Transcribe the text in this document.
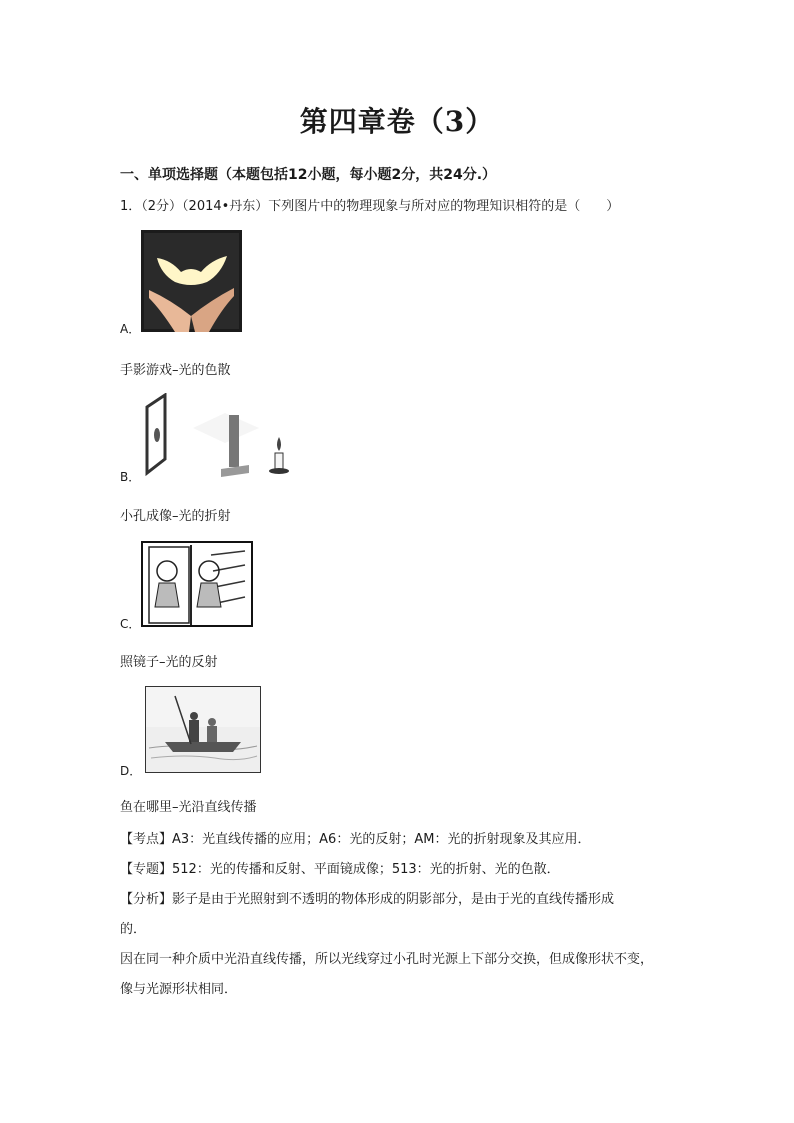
第四章卷（3）
一、单项选择题（本题包括12小题，每小题2分，共24分.）
1．（2分）（2014•丹东）下列图片中的物理现象与所对应的物理知识相符的是（　　）
A．
手影游戏–光的色散
B．
小孔成像–光的折射
C．
照镜子–光的反射
D．
鱼在哪里–光沿直线传播
【考点】A3：光直线传播的应用；A6：光的反射；AM：光的折射现象及其应用．
【专题】512：光的传播和反射、平面镜成像；513：光的折射、光的色散．
【分析】影子是由于光照射到不透明的物体形成的阴影部分，是由于光的直线传播形成
的．
因在同一种介质中光沿直线传播，所以光线穿过小孔时光源上下部分交换，但成像形状不变，
像与光源形状相同．
